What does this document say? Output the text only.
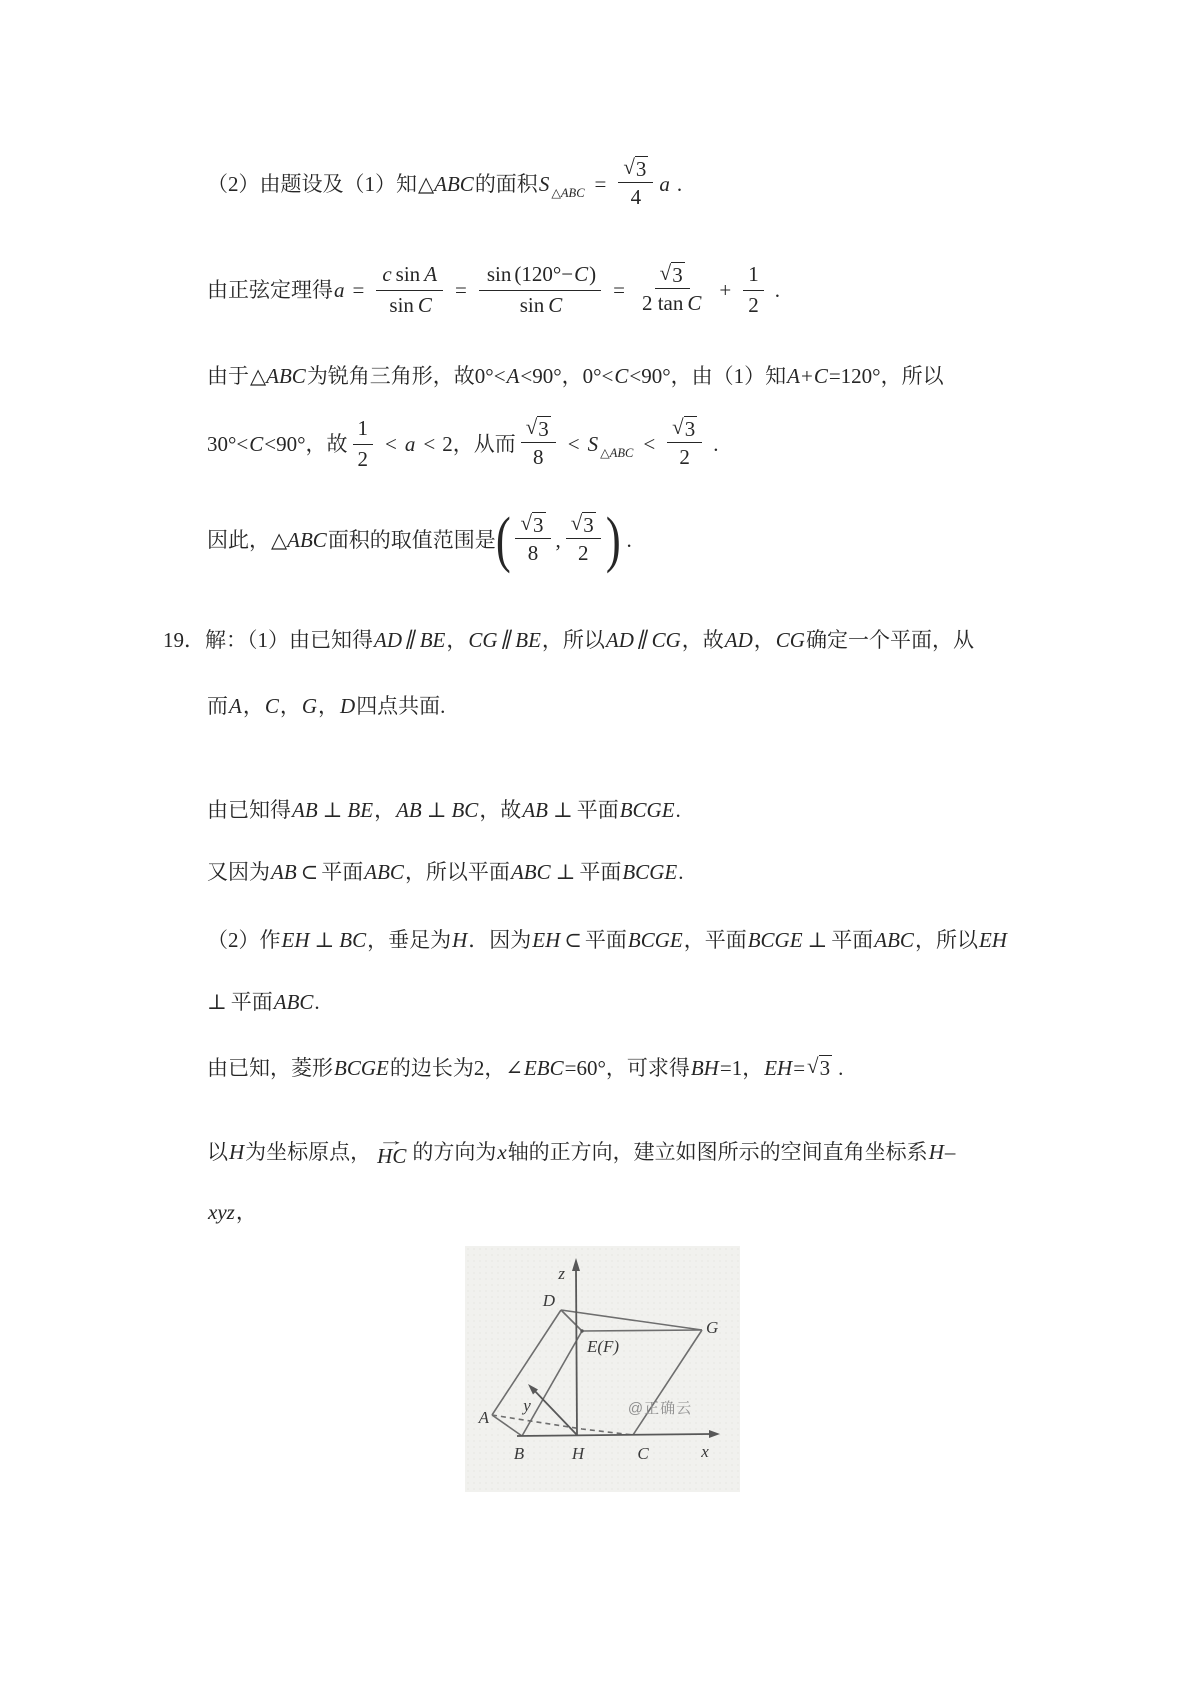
（2）由题设及（1）知 △ABC 的面积 S △ABC = $\frac{√ 3}{4}$ a .
由正弦定理得 $a = \frac{\text{c sin A}}{\text{sin C}} = \frac{\sin (120^\circ- C )}{\text{sin C}} = \frac{√ 3}{\text{2 tan C}} + \frac{1}{2}$ .
由于 △ABC 为锐角三角形，故0°< A <90°，0°< C <90°，由（1）知 A + C =120°，所以
30°< C <90°，故 $\frac{1}{2} < a < 2$ ，从而 $\frac{√ 3}{8} < S$ △ABC < $\frac{√ 3}{2}$ .
因此， △ABC 面积的取值范围是 ( $\frac{√ 3}{8}$ , $\frac{√ 3}{2}$ ) .
19．解：（1）由已知得 AD ∥ BE ， CG ∥ BE ，所以 AD ∥ CG ，故 AD ， CG 确定一个平面，从
而 A ， C ， G ， D 四点共面.
由已知得 AB ⊥ BE ， AB ⊥ BC ，故 AB ⊥ 平面 BCGE .
又因为 AB ⊂ 平面 ABC ，所以平面 ABC ⊥ 平面 BCGE .
（2）作 EH ⊥ BC ，垂足为 H ．因为 EH ⊂ 平面 BCGE ，平面 BCGE ⊥ 平面 ABC ，所以 EH
⊥ 平面 ABC .
由已知，菱形 BCGE 的边长为2，∠ EBC =60°，可求得 BH =1， EH = √ 3 .
以 H 为坐标原点， →
HC 的方向为 x 轴的正方向，建立如图所示的空间直角坐标系 H –
xyz ，
z
D
E(F)
G
A
y
B	H	C	x
@正确云
